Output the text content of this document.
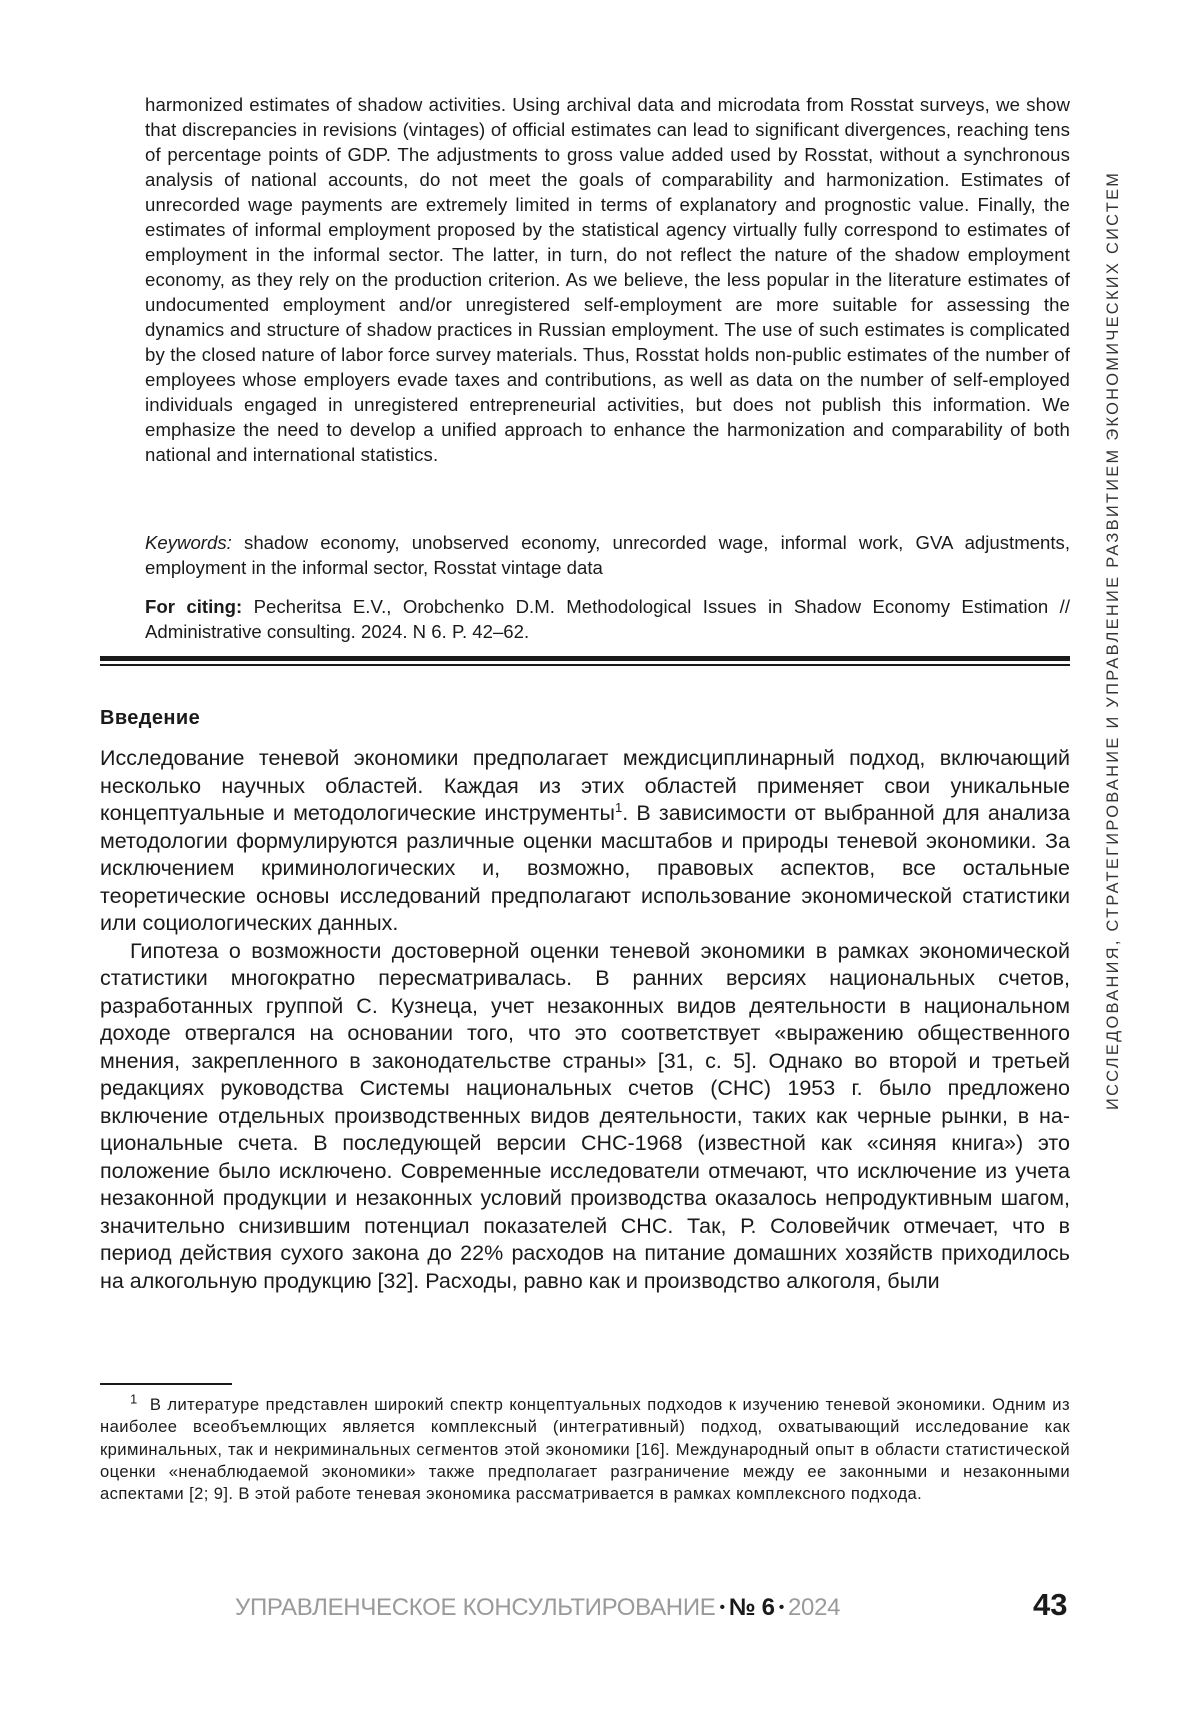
harmonized estimates of shadow activities. Using archival data and microdata from Rosstat surveys, we show that discrepancies in revisions (vintages) of official estimates can lead to significant divergences, reaching tens of percentage points of GDP. The adjustments to gross value added used by Rosstat, without a synchronous analysis of national accounts, do not meet the goals of comparability and harmonization. Estimates of unrecorded wage payments are extremely limited in terms of explanatory and prognostic value. Finally, the estimates of informal employment proposed by the statistical agency virtually fully correspond to estimates of em­ployment in the informal sector. The latter, in turn, do not reflect the nature of the shadow employment economy, as they rely on the production criterion. As we believe, the less popular in the literature estimates of undocumented employment and/or unregistered self-employment are more suitable for assessing the dynamics and structure of shadow practices in Russian employment. The use of such estimates is complicated by the closed nature of labor force survey materials. Thus, Rosstat holds non-public estimates of the number of employees whose employers evade taxes and contributions, as well as data on the number of self-employed individuals engaged in unregistered entrepreneurial activities, but does not publish this informa­tion. We emphasize the need to develop a unified approach to enhance the harmonization and comparability of both national and international statistics.

Keywords: shadow economy, unobserved economy, unrecorded wage, informal work, GVA adjustments, employment in the informal sector, Rosstat vintage data
For citing: Pecheritsa E.V., Orobchenko D.M. Methodological Issues in Shadow Economy Estimation // Administrative consulting. 2024. N 6. P. 42–62.
Введение

Исследование теневой экономики предполагает междисциплинарный подход, вклю­чающий несколько научных областей. Каждая из этих областей применяет свои уникальные концептуальные и методологические инструменты1. В зависимости от выбранной для анализа методологии формулируются различные оценки масштабов и природы теневой экономики. За исключением криминологических и, возможно, правовых аспектов, все остальные теоретические основы исследований предпо­лагают использование экономической статистики или социологических данных.

Гипотеза о возможности достоверной оценки теневой экономики в рамках экономической статистики многократно пересматривалась. В ранних версиях национальных счетов, разработанных группой С. Кузнеца, учет незаконных видов деятельности в национальном доходе отвергался на основании того, что это соответствует «выражению общественного мнения, закрепленного в законода­тельстве страны» [31, с. 5]. Однако во второй и третьей редакциях руководства Системы национальных счетов (СНС) 1953 г. было предложено включение от­дельных производственных видов деятельности, таких как черные рынки, в на­циональные счета. В последующей версии СНС-1968 (известной как «синяя книга») это положение было исключено. Современные исследователи отмечают, что исключение из учета незаконной продукции и незаконных условий произ­водства оказалось непродуктивным шагом, значительно снизившим потенциал показателей СНС. Так, Р. Соловейчик отмечает, что в период действия сухого закона до 22% расходов на питание домашних хозяйств приходилось на алко­гольную продукцию [32]. Расходы, равно как и производство алкоголя, были

1 В литературе представлен широкий спектр концептуальных подходов к изучению теневой экономики. Одним из наиболее всеобъемлющих является комплексный (интегра­тивный) подход, охватывающий исследование как криминальных, так и некриминальных сегментов этой экономики [16]. Международный опыт в области статистической оценки «ненаблюдаемой экономики» также предполагает разграничение между ее законными и незаконными аспектами [2; 9]. В этой работе теневая экономика рассматривается в рам­ках комплексного подхода.

ИССЛЕДОВАНИЯ, СТРАТЕГИРОВАНИЕ И УПРАВЛЕНИЕ РАЗВИТИЕМ ЭКОНОМИЧЕСКИХ СИСТЕМ
УПРАВЛЕНЧЕСКОЕ КОНСУЛЬТИРОВАНИЕ • № 6 • 2024	43
